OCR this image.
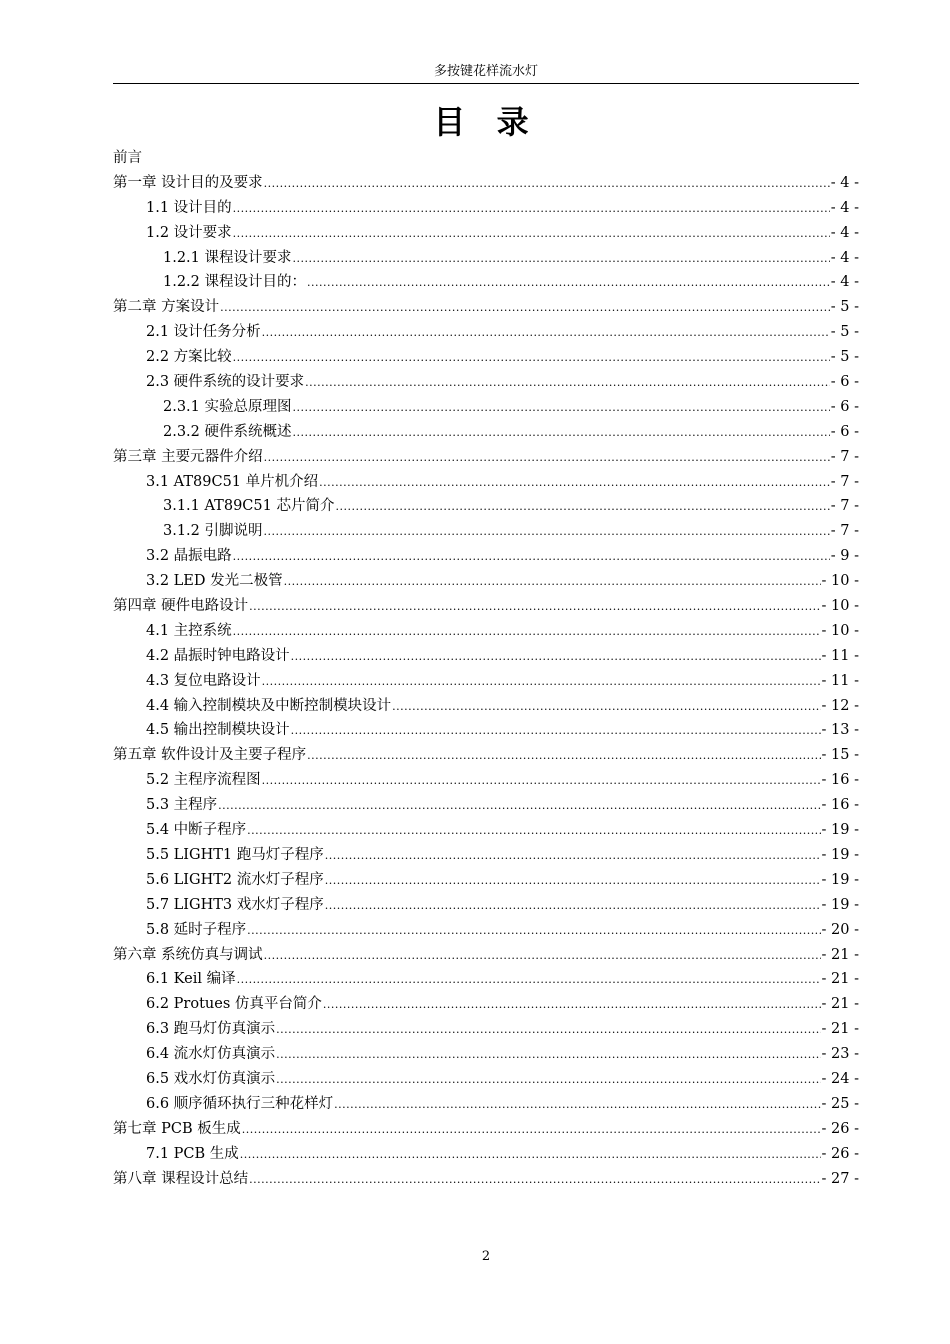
多按键花样流水灯
目 录
前言
第一章 设计目的及要求 .....	- 4 -
1.1 设计目的 .....	- 4 -
1.2 设计要求 .....	- 4 -
1.2.1 课程设计要求 .....	- 4 -
1.2.2 课程设计目的： .....	- 4 -
第二章 方案设计 .....	- 5 -
2.1 设计任务分析 .....	- 5 -
2.2 方案比较 .....	- 5 -
2.3 硬件系统的设计要求 .....	- 6 -
2.3.1 实验总原理图 .....	- 6 -
2.3.2 硬件系统概述 .....	- 6 -
第三章 主要元器件介绍 .....	- 7 -
3.1 AT89C51 单片机介绍 .....	- 7 -
3.1.1 AT89C51 芯片简介 .....	- 7 -
3.1.2 引脚说明 .....	- 7 -
3.2 晶振电路 .....	- 9 -
3.2 LED 发光二极管 .....	- 10 -
第四章 硬件电路设计 .....	- 10 -
4.1 主控系统 .....	- 10 -
4.2 晶振时钟电路设计 .....	- 11 -
4.3 复位电路设计 .....	- 11 -
4.4 输入控制模块及中断控制模块设计 .....	- 12 -
4.5 输出控制模块设计 .....	- 13 -
第五章 软件设计及主要子程序 .....	- 15 -
5.2 主程序流程图 .....	- 16 -
5.3 主程序 .....	- 16 -
5.4 中断子程序 .....	- 19 -
5.5 LIGHT1 跑马灯子程序 .....	- 19 -
5.6 LIGHT2 流水灯子程序 .....	- 19 -
5.7 LIGHT3 戏水灯子程序 .....	- 19 -
5.8 延时子程序 .....	- 20 -
第六章 系统仿真与调试 .....	- 21 -
6.1 Keil 编译 .....	- 21 -
6.2 Protues 仿真平台简介 .....	- 21 -
6.3 跑马灯仿真演示 .....	- 21 -
6.4 流水灯仿真演示 .....	- 23 -
6.5 戏水灯仿真演示 .....	- 24 -
6.6 顺序循环执行三种花样灯 .....	- 25 -
第七章 PCB 板生成 .....	- 26 -
7.1 PCB 生成 .....	- 26 -
第八章 课程设计总结 .....	- 27 -
2
